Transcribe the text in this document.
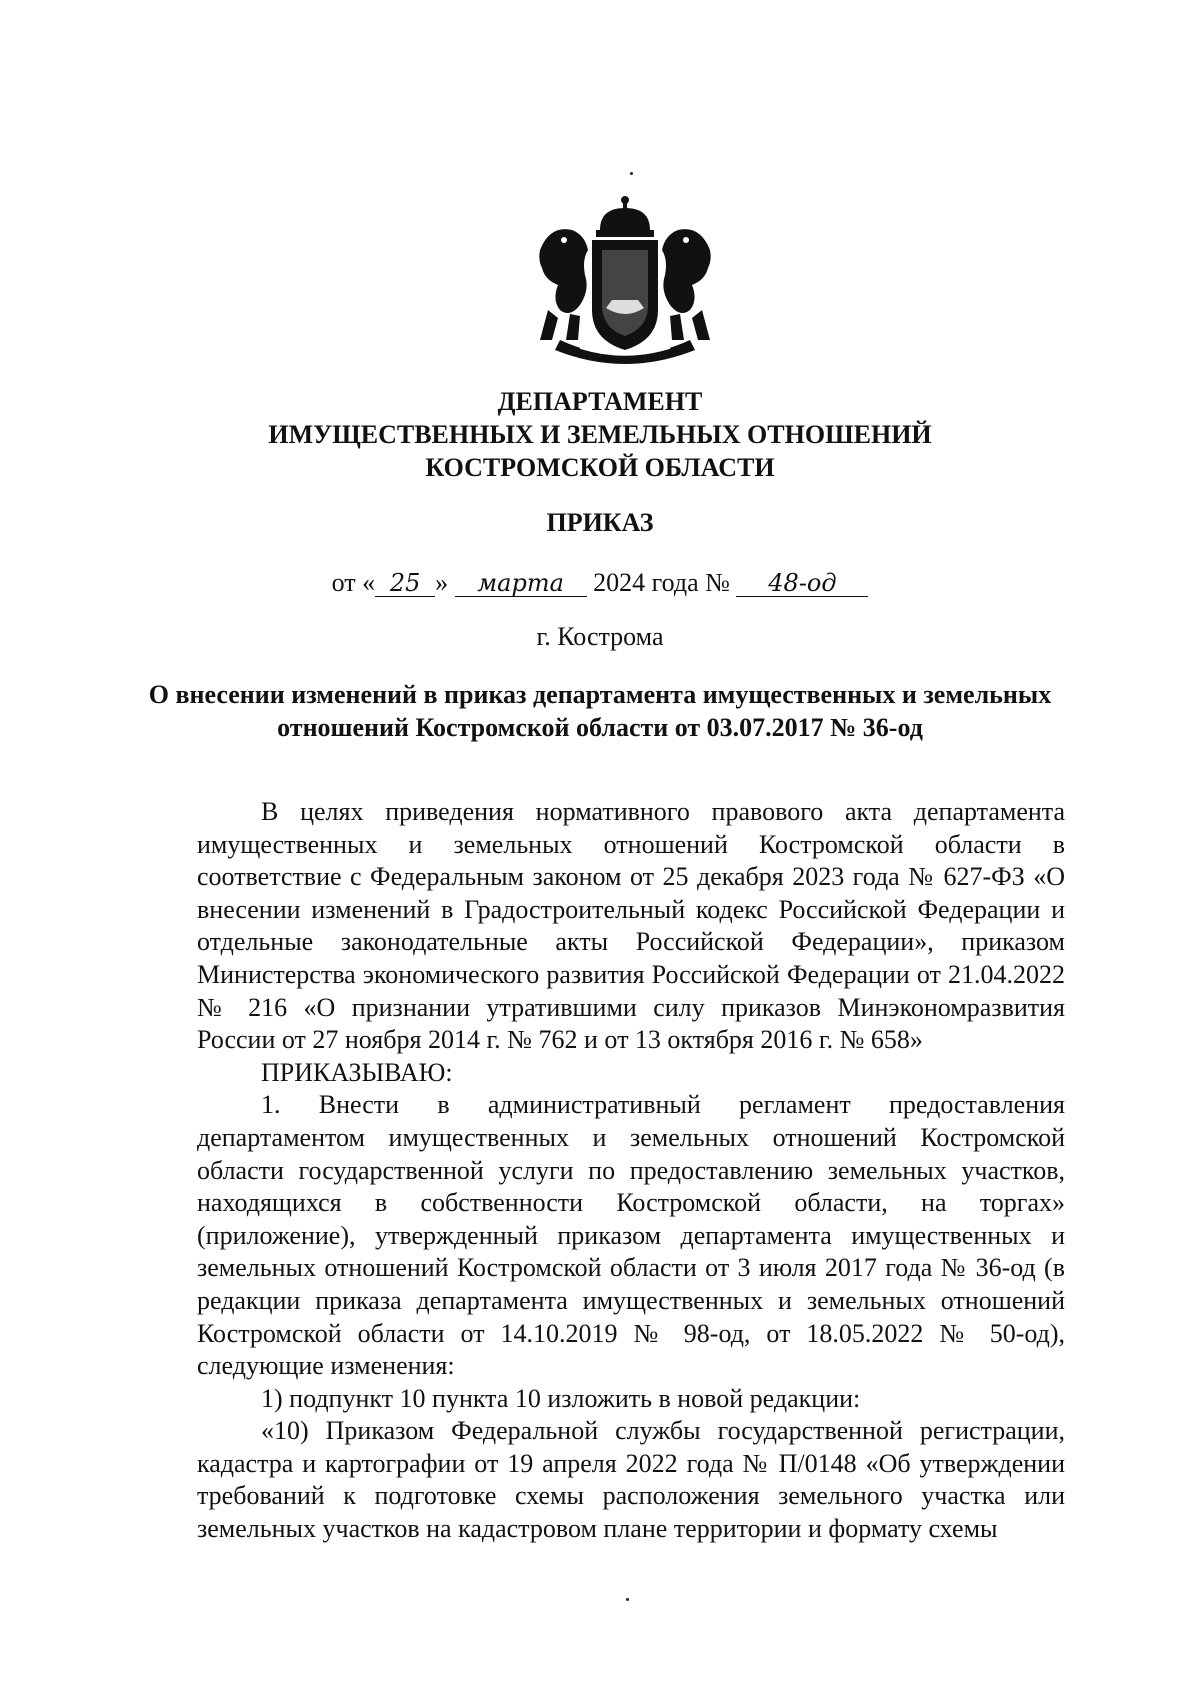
ДЕПАРТАМЕНТ
ИМУЩЕСТВЕННЫХ И ЗЕМЕЛЬНЫХ ОТНОШЕНИЙ
КОСТРОМСКОЙ ОБЛАСТИ
ПРИКАЗ
от « 25 » марта 2024 года № 48-од
г. Кострома
О внесении изменений в приказ департамента имущественных и земельных отношений Костромской области от 03.07.2017 № 36-од

В целях приведения нормативного правового акта департамента имущественных и земельных отношений Костромской области в соответствие с Федеральным законом от 25 декабря 2023 года № 627-ФЗ «О внесении изменений в Градостроительный кодекс Российской Федерации и отдельные законодательные акты Российской Федерации», приказом Министерства экономического развития Российской Федерации от 21.04.2022 № 216 «О признании утратившими силу приказов Минэкономразвития России от 27 ноября 2014 г. № 762 и от 13 октября 2016 г. № 658»

ПРИКАЗЫВАЮ:

1. Внести в административный регламент предоставления департаментом имущественных и земельных отношений Костромской области государственной услуги по предоставлению земельных участков, находящихся в собственности Костромской области, на торгах» (приложение), утвержденный приказом департамента имущественных и земельных отношений Костромской области от 3 июля 2017 года № 36-од (в редакции приказа департамента имущественных и земельных отношений Костромской области от 14.10.2019 № 98-од, от 18.05.2022 № 50-од), следующие изменения:

1) подпункт 10 пункта 10 изложить в новой редакции:

«10) Приказом Федеральной службы государственной регистрации, кадастра и картографии от 19 апреля 2022 года № П/0148 «Об утверждении требований к подготовке схемы расположения земельного участка или земельных участков на кадастровом плане территории и формату схемы
